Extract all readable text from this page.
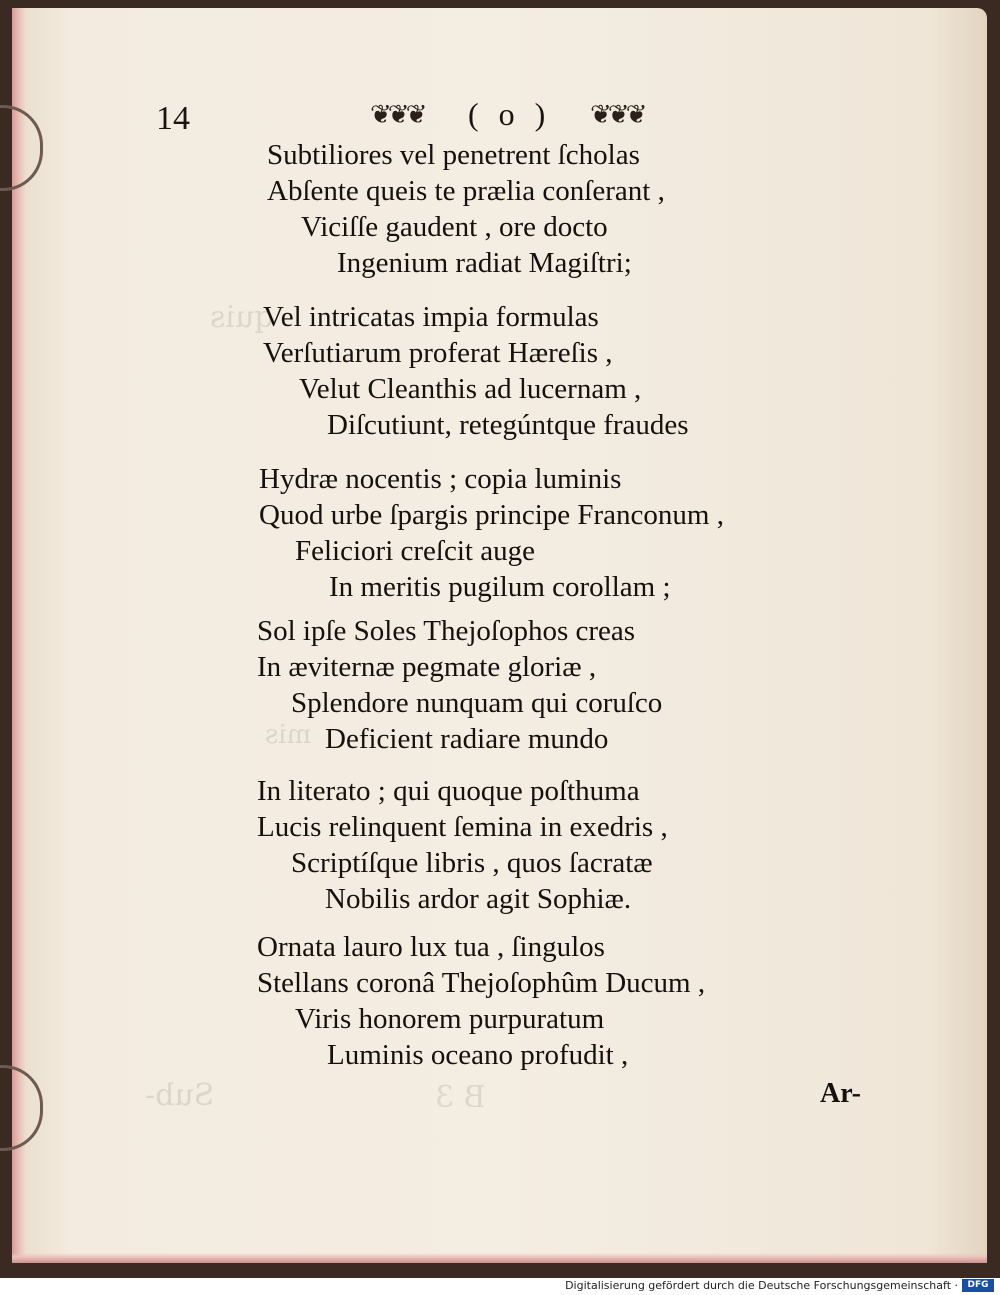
quis
mis
Sub-	B 3
14	❦❦❦ ( o ) ❦❦❦
Subtiliores vel penetrent ſcholas
Abſente queis te prælia conſerant ,
Viciſſe gaudent , ore docto
Ingenium radiat Magiſtri;
Vel intricatas impia formulas
Verſutiarum proferat Hæreſis ,
Velut Cleanthis ad lucernam ,
Diſcutiunt, retegúntque fraudes
Hydræ nocentis ; copia luminis
Quod urbe ſpargis principe Franconum ,
Feliciori creſcit auge
In meritis pugilum corollam ;
Sol ipſe Soles Thejoſophos creas
In æviternæ pegmate gloriæ ,
Splendore nunquam qui coruſco
Deficient radiare mundo
In literato ; qui quoque poſthuma
Lucis relinquent ſemina in exedris ,
Scriptíſque libris , quos ſacratæ
Nobilis ardor agit Sophiæ.
Ornata lauro lux tua , ſingulos
Stellans coronâ Thejoſophûm Ducum ,
Viris honorem purpuratum
Luminis oceano profudit ,
Ar-
Digitalisierung gefördert durch die Deutsche Forschungsgemeinschaft ·	DFG
